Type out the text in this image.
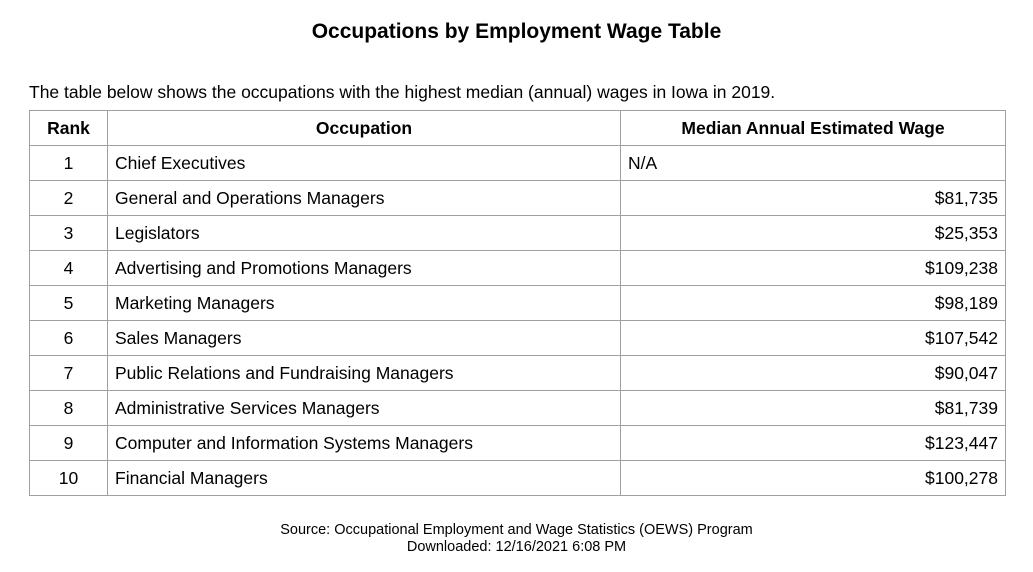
Occupations by Employment Wage Table
The table below shows the occupations with the highest median (annual) wages in Iowa in 2019.
Rank	Occupation	Median Annual Estimated Wage
1	Chief Executives	N/A
2	General and Operations Managers	$81,735
3	Legislators	$25,353
4	Advertising and Promotions Managers	$109,238
5	Marketing Managers	$98,189
6	Sales Managers	$107,542
7	Public Relations and Fundraising Managers	$90,047
8	Administrative Services Managers	$81,739
9	Computer and Information Systems Managers	$123,447
10	Financial Managers	$100,278
Source: Occupational Employment and Wage Statistics (OEWS) Program
Downloaded: 12/16/2021 6:08 PM
